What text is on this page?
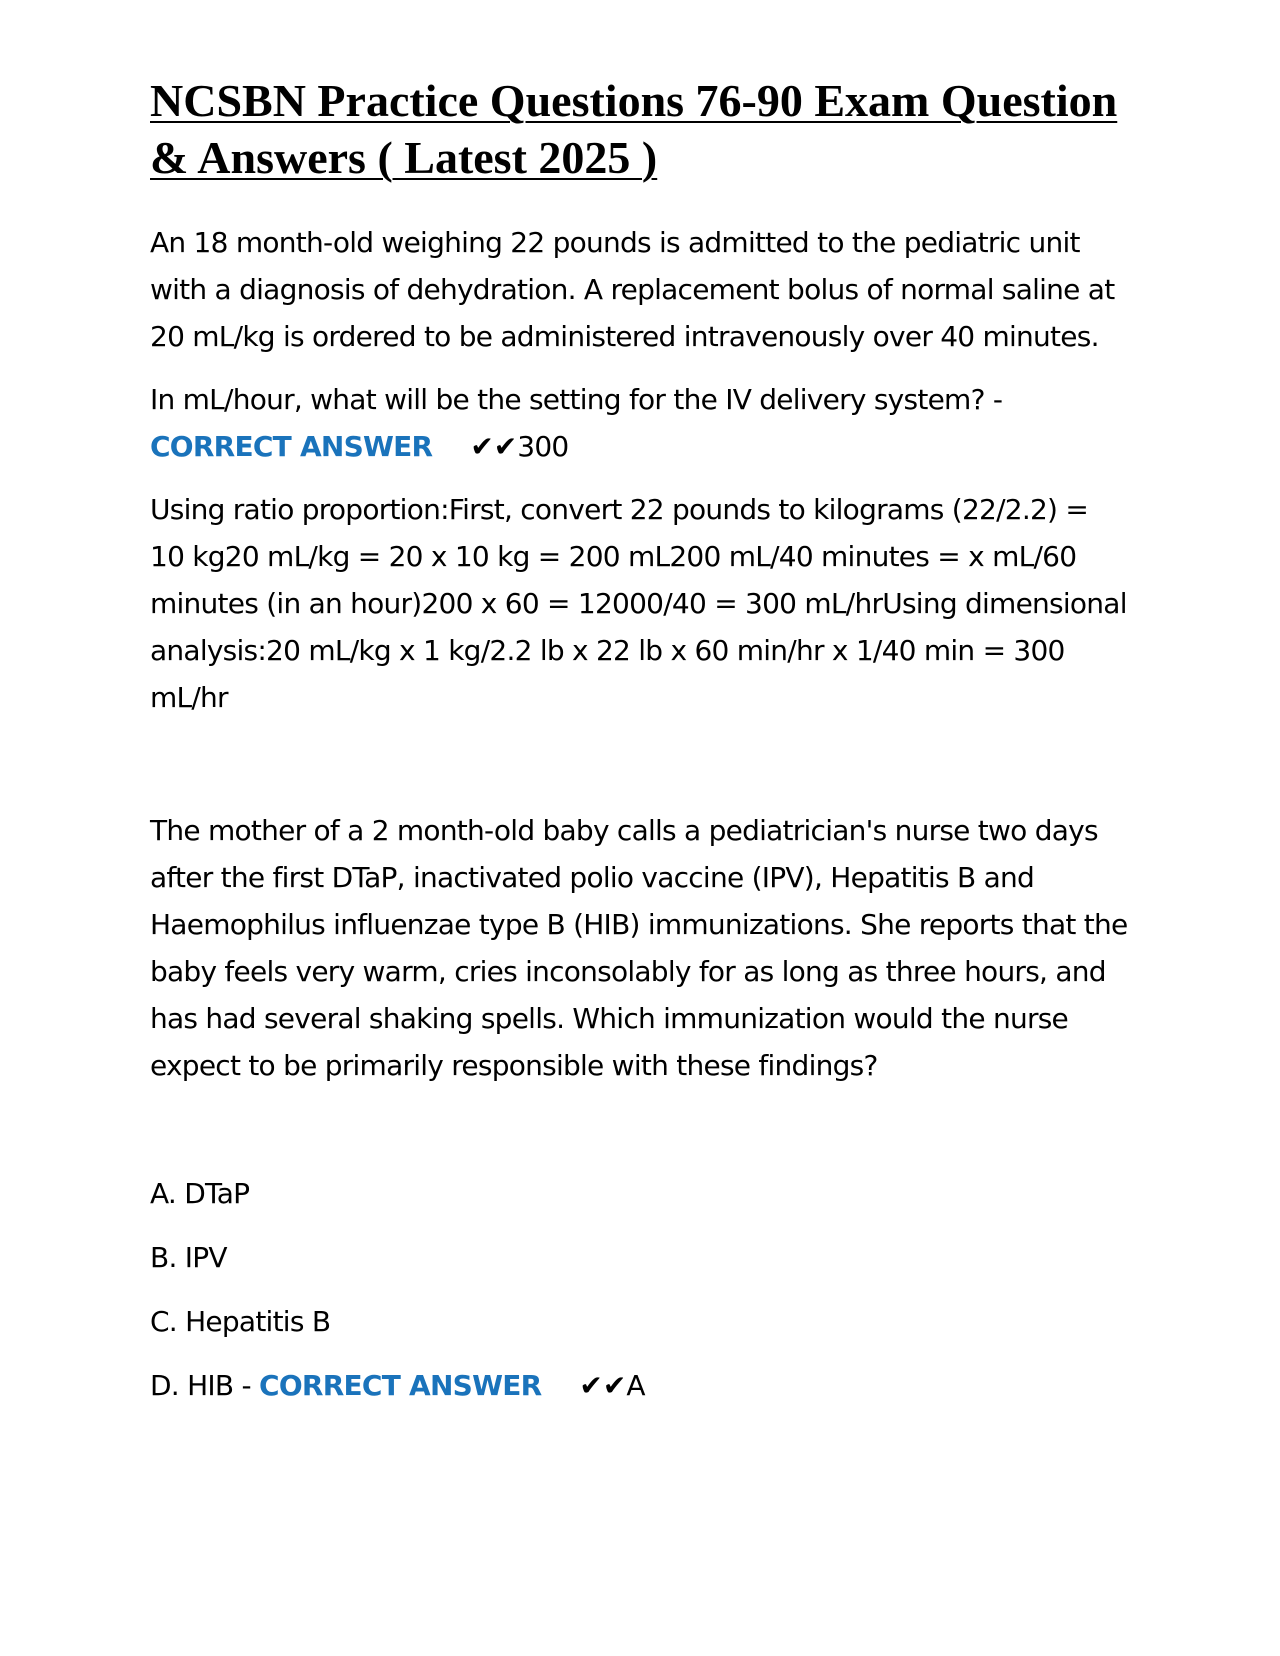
NCSBN Practice Questions 76-90 Exam Question & Answers ( Latest 2025 )

An 18 month-old weighing 22 pounds is admitted to the pediatric unit with a diagnosis of dehydration. A replacement bolus of normal saline at 20 mL/kg is ordered to be administered intravenously over 40 minutes.

In mL/hour, what will be the setting for the IV delivery system? -
CORRECT ANSWER ✔✔300

Using ratio proportion:First, convert 22 pounds to kilograms (22/2.2) = 10 kg20 mL/kg = 20 x 10 kg = 200 mL200 mL/40 minutes = x mL/60 minutes (in an hour)200 x 60 = 12000/40 = 300 mL/hrUsing dimensional analysis:20 mL/kg x 1 kg/2.2 lb x 22 lb x 60 min/hr x 1/40 min = 300 mL/hr

The mother of a 2 month-old baby calls a pediatrician's nurse two days after the first DTaP, inactivated polio vaccine (IPV), Hepatitis B and Haemophilus influenzae type B (HIB) immunizations. She reports that the baby feels very warm, cries inconsolably for as long as three hours, and has had several shaking spells. Which immunization would the nurse expect to be primarily responsible with these findings?

A. DTaP

B. IPV

C. Hepatitis B

D. HIB - CORRECT ANSWER ✔✔A
